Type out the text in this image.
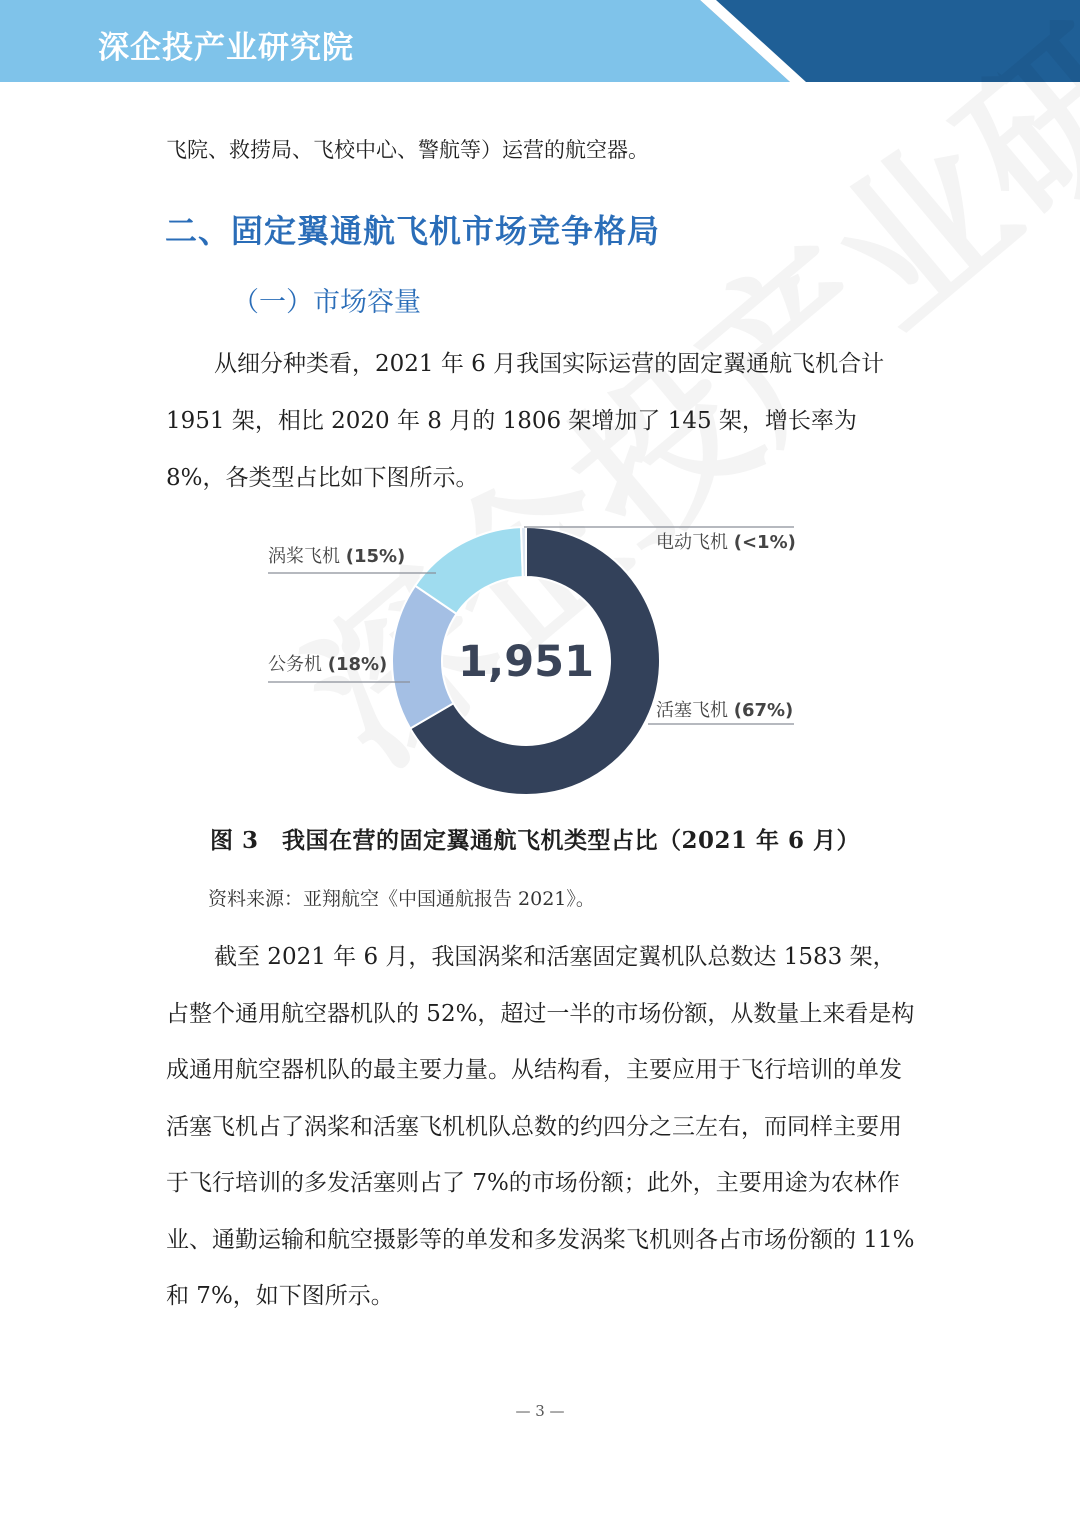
深企投产业研究院
飞院、救捞局、飞校中心、警航等）运营的航空器。
二、固定翼通航飞机市场竞争格局
（一）市场容量
从细分种类看，2021 年 6 月我国实际运营的固定翼通航飞机合计 1951 架，相比 2020 年 8 月的 1806 架增加了 145 架，增长率为 8%，各类型占比如下图所示。
活塞飞机 (67%)
公务机 (18%)
涡桨飞机 (15%)
电动飞机 (<1%)
1,951
图 3　我国在营的固定翼通航飞机类型占比（2021 年 6 月）
资料来源：亚翔航空《中国通航报告 2021》。
截至 2021 年 6 月，我国涡桨和活塞固定翼机队总数达 1583 架，占整个通用航空器机队的 52%，超过一半的市场份额，从数量上来看是构成通用航空器机队的最主要力量。从结构看，主要应用于飞行培训的单发活塞飞机占了涡桨和活塞飞机机队总数的约四分之三左右，而同样主要用于飞行培训的多发活塞则占了 7%的市场份额；此外，主要用途为农林作业、通勤运输和航空摄影等的单发和多发涡桨飞机则各占市场份额的 11%和 7%，如下图所示。
— 3 —
